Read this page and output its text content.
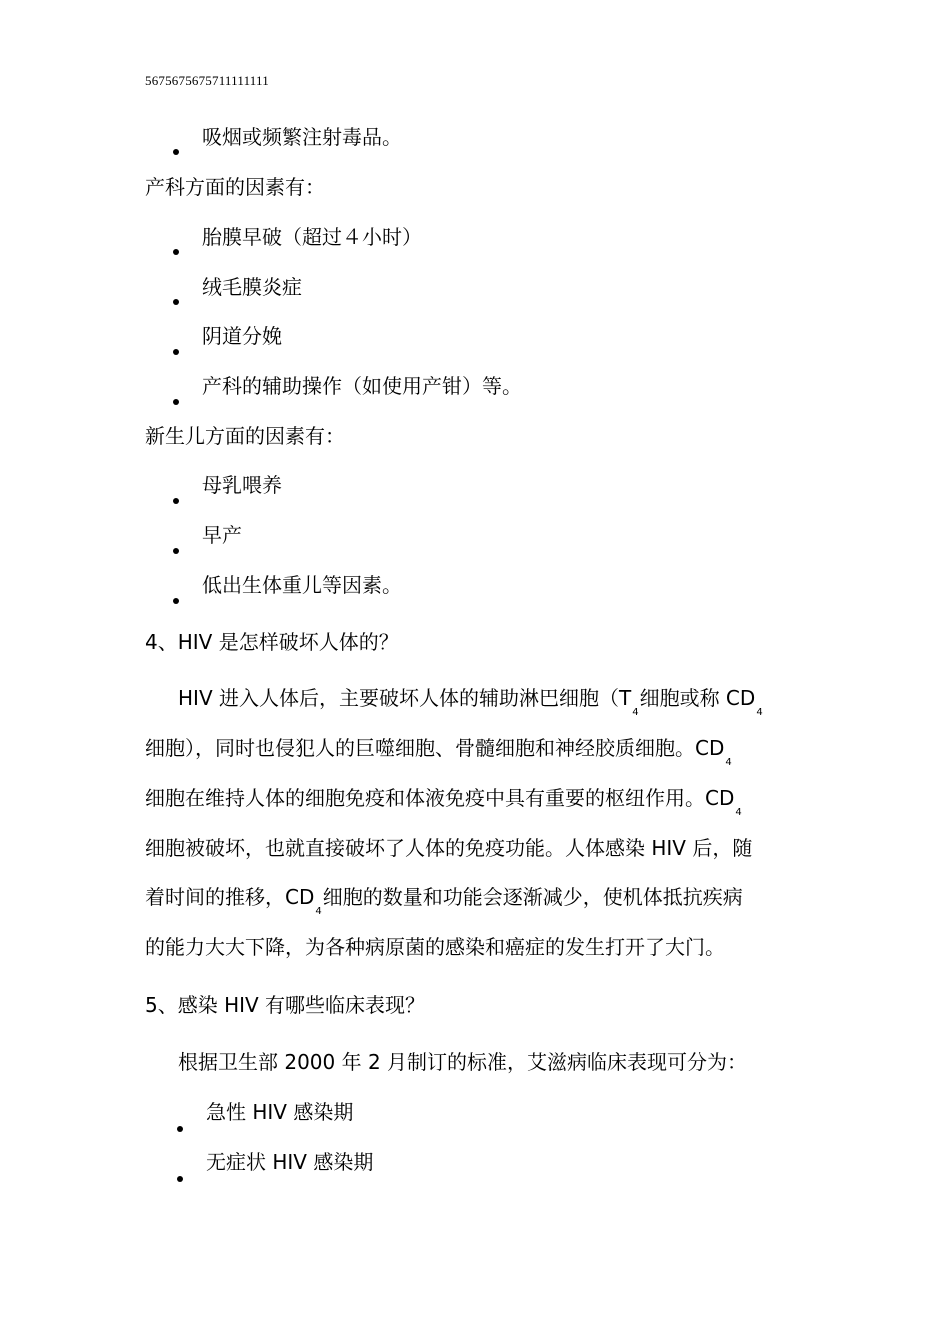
5675675675711111111
吸烟或频繁注射毒品。
产科方面的因素有：
胎膜早破（超过４小时）
绒毛膜炎症
阴道分娩
产科的辅助操作（如使用产钳）等。
新生儿方面的因素有：
母乳喂养
早产
低出生体重儿等因素。
4、HIV 是怎样破坏人体的？
HIV 进入人体后，主要破坏人体的辅助淋巴细胞（$T_4$细胞或称 $CD_4$
细胞），同时也侵犯人的巨噬细胞、骨髓细胞和神经胶质细胞。$CD_4$
细胞在维持人体的细胞免疫和体液免疫中具有重要的枢纽作用。$CD_4$
细胞被破坏，也就直接破坏了人体的免疫功能。人体感染 HIV 后，随
着时间的推移，$CD_4$细胞的数量和功能会逐渐减少，使机体抵抗疾病
的能力大大下降，为各种病原菌的感染和癌症的发生打开了大门。
5、感染 HIV 有哪些临床表现？
根据卫生部 2000 年 2 月制订的标准，艾滋病临床表现可分为：
急性 HIV 感染期
无症状 HIV 感染期
